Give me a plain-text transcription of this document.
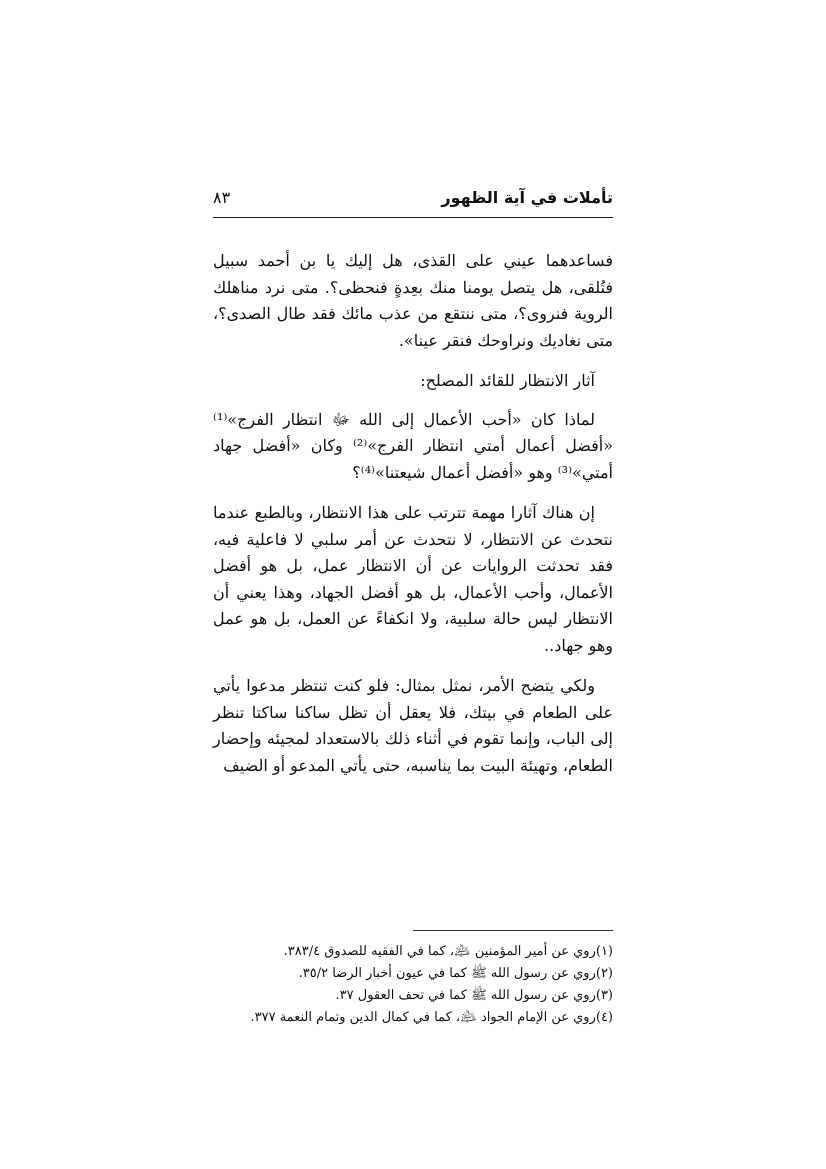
تأملات في آية الظهور
٨٣

فساعدهما عيني على القذى، هل إليك يا بن أحمد سبيل فتُلقى، هل يتصل يومنا منك بعِدةٍ فنحظى؟. متى نرد مناهلك الروية فنروى؟، متى ننتقع من عذب مائك فقد طال الصدى؟، متى نغاديك ونراوحك فنقر عينا».

آثار الانتظار للقائد المصلح:

لماذا كان «أحب الأعمال إلى الله ﷻ انتظار الفرج»⁽¹⁾ «أفضل أعمال أمتي انتظار الفرج»⁽²⁾ وكان «أفضل جهاد أمتي»⁽³⁾ وهو «أفضل أعمال شيعتنا»⁽⁴⁾؟

إن هناك آثارا مهمة تترتب على هذا الانتظار، وبالطبع عندما نتحدث عن الانتظار، لا نتحدث عن أمر سلبي لا فاعلية فيه، فقد تحدثت الروايات عن أن الانتظار عمل، بل هو أفضل الأعمال، وأحب الأعمال، بل هو أفضل الجهاد، وهذا يعني أن الانتظار ليس حالة سلبية، ولا انكفاءً عن العمل، بل هو عمل وهو جهاد..

ولكي يتضح الأمر، نمثل بمثال: فلو كنت تنتظر مدعوا يأتي على الطعام في بيتك، فلا يعقل أن تظل ساكنا ساكتا تنظر إلى الباب، وإنما تقوم في أثناء ذلك بالاستعداد لمجيئه وإحضار الطعام، وتهيئة البيت بما يناسبه، حتى يأتي المدعو أو الضيف

(١)روي عن أمير المؤمنين ﵇، كما في الفقيه للصدوق ٣٨٣/٤.
(٢)روي عن رسول الله ﷺ كما في عيون أخبار الرضا ٣٥/٢.
(٣)روي عن رسول الله ﷺ كما في تحف العقول ٣٧.
(٤)روي عن الإمام الجواد ﵇، كما في كمال الدين وتمام النعمة ٣٧٧.
